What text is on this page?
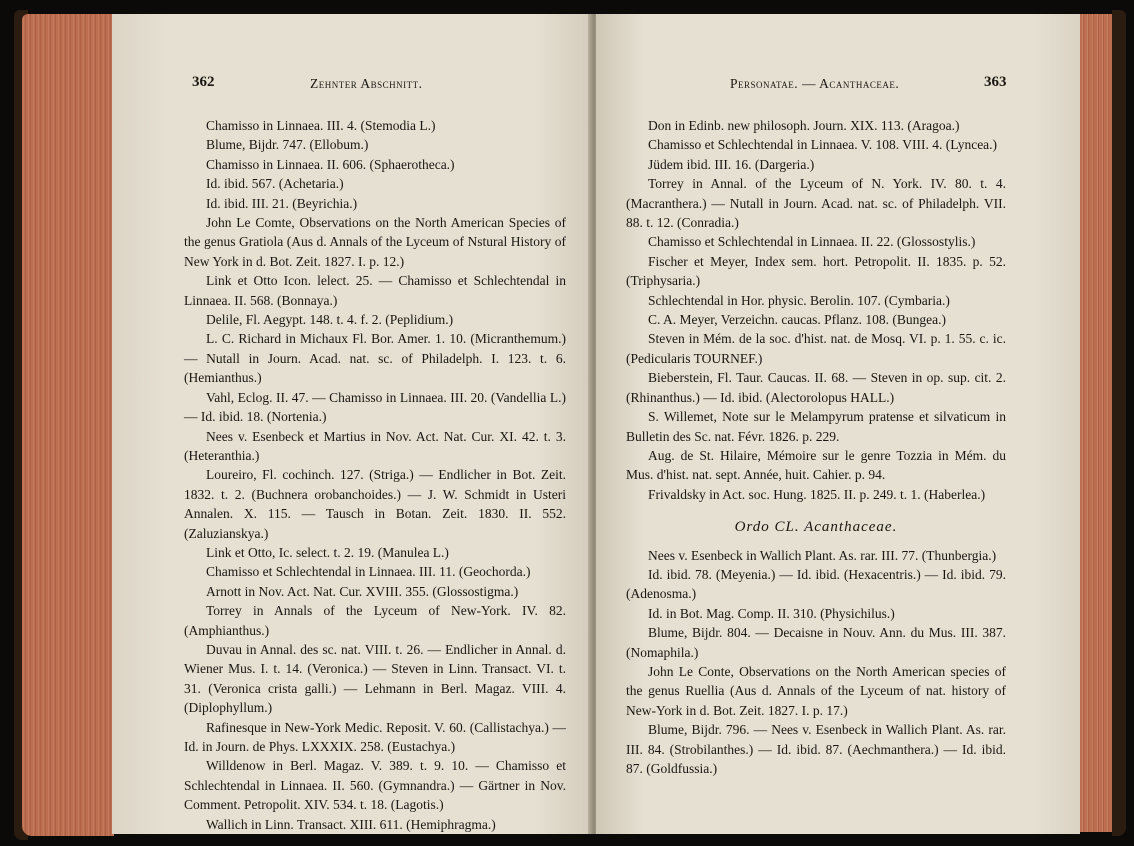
362	Zehnter Abschnitt.

Chamisso in Linnaea. III. 4. (Stemodia L.)

Blume, Bijdr. 747. (Ellobum.)

Chamisso in Linnaea. II. 606. (Sphaerotheca.)

Id. ibid. 567. (Achetaria.)

Id. ibid. III. 21. (Beyrichia.)

John Le Comte, Observations on the North American Species of the genus Gratiola (Aus d. Annals of the Lyceum of Nstural History of New York in d. Bot. Zeit. 1827. I. p. 12.)

Link et Otto Icon. lelect. 25. — Chamisso et Schlechtendal in Linnaea. II. 568. (Bonnaya.)

Delile, Fl. Aegypt. 148. t. 4. f. 2. (Peplidium.)

L. C. Richard in Michaux Fl. Bor. Amer. 1. 10. (Micranthemum.) — Nutall in Journ. Acad. nat. sc. of Philadelph. I. 123. t. 6. (Hemianthus.)

Vahl, Eclog. II. 47. — Chamisso in Linnaea. III. 20. (Vandellia L.) — Id. ibid. 18. (Nortenia.)

Nees v. Esenbeck et Martius in Nov. Act. Nat. Cur. XI. 42. t. 3. (Heteranthia.)

Loureiro, Fl. cochinch. 127. (Striga.) — Endlicher in Bot. Zeit. 1832. t. 2. (Buchnera orobanchoides.) — J. W. Schmidt in Usteri Annalen. X. 115. — Tausch in Botan. Zeit. 1830. II. 552. (Zaluzianskya.)

Link et Otto, Ic. select. t. 2. 19. (Manulea L.)

Chamisso et Schlechtendal in Linnaea. III. 11. (Geochorda.)

Arnott in Nov. Act. Nat. Cur. XVIII. 355. (Glossostigma.)

Torrey in Annals of the Lyceum of New-York. IV. 82. (Amphianthus.)

Duvau in Annal. des sc. nat. VIII. t. 26. — Endlicher in Annal. d. Wiener Mus. I. t. 14. (Veronica.) — Steven in Linn. Transact. VI. t. 31. (Veronica crista galli.) — Lehmann in Berl. Magaz. VIII. 4. (Diplophyllum.)

Rafinesque in New-York Medic. Reposit. V. 60. (Callistachya.) — Id. in Journ. de Phys. LXXXIX. 258. (Eustachya.)

Willdenow in Berl. Magaz. V. 389. t. 9. 10. — Chamisso et Schlechtendal in Linnaea. II. 560. (Gymnandra.) — Gärtner in Nov. Comment. Petropolit. XIV. 534. t. 18. (Lagotis.)

Wallich in Linn. Transact. XIII. 611. (Hemiphragma.)

Personatae. — Acanthaceae.	363

Don in Edinb. new philosoph. Journ. XIX. 113. (Aragoa.)

Chamisso et Schlechtendal in Linnaea. V. 108. VIII. 4. (Lyncea.)

Jüdem ibid. III. 16. (Dargeria.)

Torrey in Annal. of the Lyceum of N. York. IV. 80. t. 4. (Macranthera.) — Nutall in Journ. Acad. nat. sc. of Philadelph. VII. 88. t. 12. (Conradia.)

Chamisso et Schlechtendal in Linnaea. II. 22. (Glossostylis.)

Fischer et Meyer, Index sem. hort. Petropolit. II. 1835. p. 52. (Triphysaria.)

Schlechtendal in Hor. physic. Berolin. 107. (Cymbaria.)

C. A. Meyer, Verzeichn. caucas. Pflanz. 108. (Bungea.)

Steven in Mém. de la soc. d'hist. nat. de Mosq. VI. p. 1. 55. c. ic. (Pedicularis TOURNEF.)

Bieberstein, Fl. Taur. Caucas. II. 68. — Steven in op. sup. cit. 2. (Rhinanthus.) — Id. ibid. (Alectorolopus HALL.)

S. Willemet, Note sur le Melampyrum pratense et silvaticum in Bulletin des Sc. nat. Févr. 1826. p. 229.

Aug. de St. Hilaire, Mémoire sur le genre Tozzia in Mém. du Mus. d'hist. nat. sept. Année, huit. Cahier. p. 94.

Frivaldsky in Act. soc. Hung. 1825. II. p. 249. t. 1. (Haberlea.)

Ordo CL. Acanthaceae.

Nees v. Esenbeck in Wallich Plant. As. rar. III. 77. (Thunbergia.)

Id. ibid. 78. (Meyenia.) — Id. ibid. (Hexacentris.) — Id. ibid. 79. (Adenosma.)

Id. in Bot. Mag. Comp. II. 310. (Physichilus.)

Blume, Bijdr. 804. — Decaisne in Nouv. Ann. du Mus. III. 387. (Nomaphila.)

John Le Conte, Observations on the North American species of the genus Ruellia (Aus d. Annals of the Lyceum of nat. history of New-York in d. Bot. Zeit. 1827. I. p. 17.)

Blume, Bijdr. 796. — Nees v. Esenbeck in Wallich Plant. As. rar. III. 84. (Strobilanthes.) — Id. ibid. 87. (Aechmanthera.) — Id. ibid. 87. (Goldfussia.)
